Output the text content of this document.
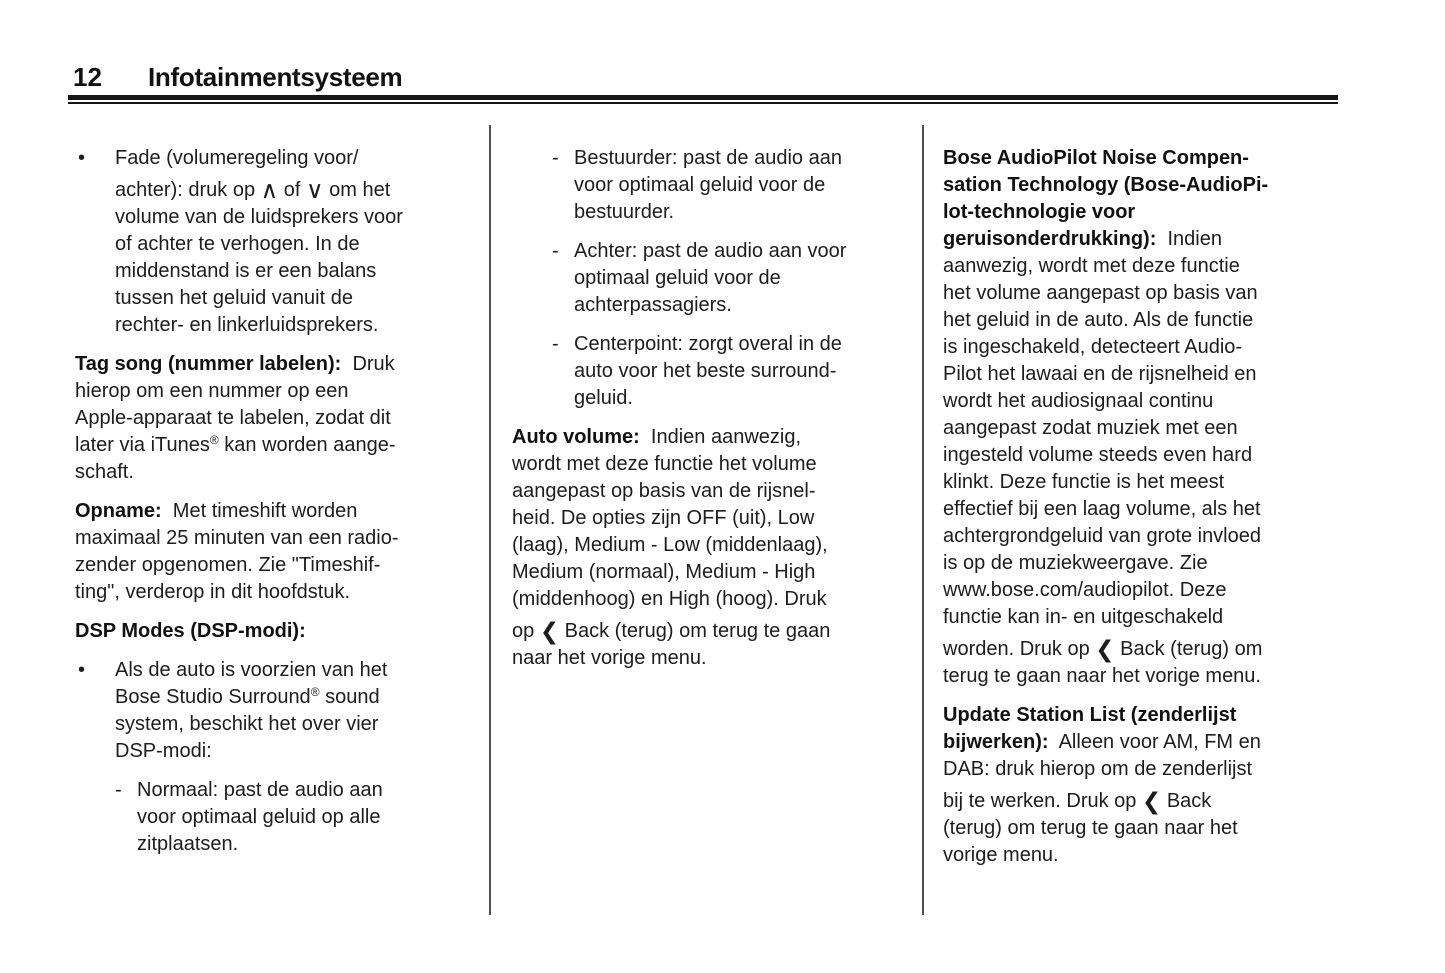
12 Infotainmentsysteem
• Fade (volumeregeling voor/
achter): druk op ∧ of ∨ om het
volume van de luidsprekers voor
of achter te verhogen. In de
middenstand is er een balans
tussen het geluid vanuit de
rechter- en linkerluidsprekers.
Tag song (nummer labelen):  Druk
hierop om een nummer op een
Apple-apparaat te labelen, zodat dit
later via iTunes® kan worden aange-
schaft.
Opname:  Met timeshift worden
maximaal 25 minuten van een radio-
zender opgenomen. Zie "Timeshif-
ting", verderop in dit hoofdstuk.
DSP Modes (DSP-modi):
• Als de auto is voorzien van het
Bose Studio Surround® sound
system, beschikt het over vier
DSP-modi:
- Normaal: past de audio aan
voor optimaal geluid op alle
zitplaatsen.
- Bestuurder: past de audio aan
voor optimaal geluid voor de
bestuurder.
- Achter: past de audio aan voor
optimaal geluid voor de
achterpassagiers.
- Centerpoint: zorgt overal in de
auto voor het beste surround-
geluid.
Auto volume:  Indien aanwezig,
wordt met deze functie het volume
aangepast op basis van de rijsnel-
heid. De opties zijn OFF (uit), Low
(laag), Medium - Low (middenlaag),
Medium (normaal), Medium - High
(middenhoog) en High (hoog). Druk
op ❮ Back (terug) om terug te gaan
naar het vorige menu.
Bose AudioPilot Noise Compen-
sation Technology (Bose-AudioPi-
lot-technologie voor
geruisonderdrukking):  Indien
aanwezig, wordt met deze functie
het volume aangepast op basis van
het geluid in de auto. Als de functie
is ingeschakeld, detecteert Audio-
Pilot het lawaai en de rijsnelheid en
wordt het audiosignaal continu
aangepast zodat muziek met een
ingesteld volume steeds even hard
klinkt. Deze functie is het meest
effectief bij een laag volume, als het
achtergrondgeluid van grote invloed
is op de muziekweergave. Zie
www.bose.com/audiopilot. Deze
functie kan in- en uitgeschakeld
worden. Druk op ❮ Back (terug) om
terug te gaan naar het vorige menu.
Update Station List (zenderlijst
bijwerken):  Alleen voor AM, FM en
DAB: druk hierop om de zenderlijst
bij te werken. Druk op ❮ Back
(terug) om terug te gaan naar het
vorige menu.
